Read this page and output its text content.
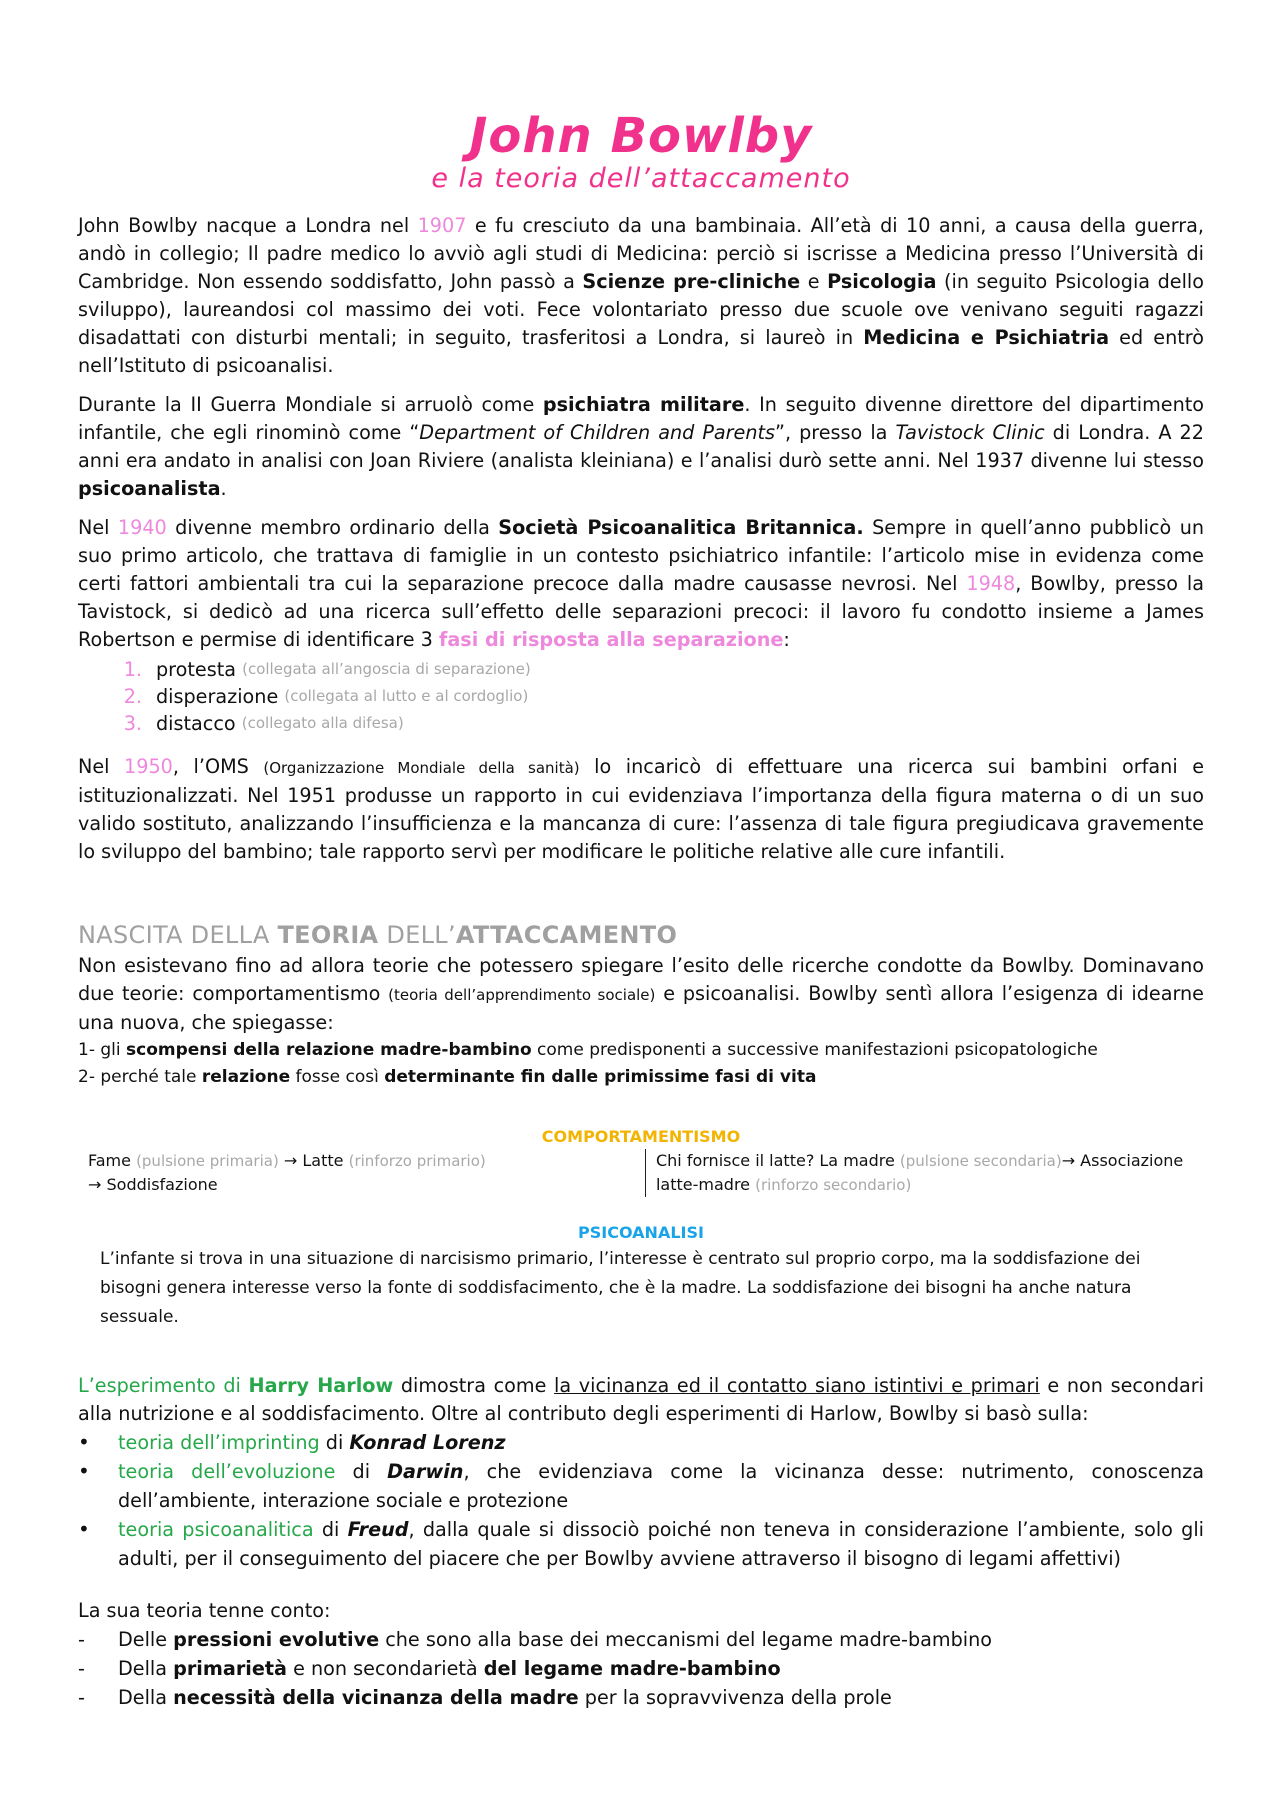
John Bowlby
e la teoria dell’attaccamento

John Bowlby nacque a Londra nel 1907 e fu cresciuto da una bambinaia. All’età di 10 anni, a causa della guerra, andò in collegio; Il padre medico lo avviò agli studi di Medicina: perciò si iscrisse a Medicina presso l’Università di Cambridge. Non essendo soddisfatto, John passò a Scienze pre-cliniche e Psicologia (in seguito Psicologia dello sviluppo), laureandosi col massimo dei voti. Fece volontariato presso due scuole ove venivano seguiti ragazzi disadattati con disturbi mentali; in seguito, trasferitosi a Londra, si laureò in Medicina e Psichiatria ed entrò nell’Istituto di psicoanalisi.

Durante la II Guerra Mondiale si arruolò come psichiatra militare. In seguito divenne direttore del dipartimento infantile, che egli rinominò come “Department of Children and Parents”, presso la Tavistock Clinic di Londra. A 22 anni era andato in analisi con Joan Riviere (analista kleiniana) e l’analisi durò sette anni. Nel 1937 divenne lui stesso psicoanalista.

Nel 1940 divenne membro ordinario della Società Psicoanalitica Britannica. Sempre in quell’anno pubblicò un suo primo articolo, che trattava di famiglie in un contesto psichiatrico infantile: l’articolo mise in evidenza come certi fattori ambientali tra cui la separazione precoce dalla madre causasse nevrosi. Nel 1948, Bowlby, presso la Tavistock, si dedicò ad una ricerca sull’effetto delle separazioni precoci: il lavoro fu condotto insieme a James Robertson e permise di identificare 3 fasi di risposta alla separazione:

1. protesta
(collegata all’angoscia di separazione)
2. disperazione
(collegata al lutto e al cordoglio)
3. distacco
(collegato alla difesa)

Nel 1950, l’OMS (Organizzazione Mondiale della sanità) lo incaricò di effettuare una ricerca sui bambini orfani e istituzionalizzati. Nel 1951 produsse un rapporto in cui evidenziava l’importanza della figura materna o di un suo valido sostituto, analizzando l’insufficienza e la mancanza di cure: l’assenza di tale figura pregiudicava gravemente lo sviluppo del bambino; tale rapporto servì per modificare le politiche relative alle cure infantili.

NASCITA DELLA TEORIA DELL’ATTACCAMENTO

Non esistevano fino ad allora teorie che potessero spiegare l’esito delle ricerche condotte da Bowlby. Dominavano due teorie: comportamentismo (teoria dell’apprendimento sociale) e psicoanalisi. Bowlby sentì allora l’esigenza di idearne una nuova, che spiegasse:

1- gli scompensi della relazione madre-bambino come predisponenti a successive manifestazioni psicopatologiche

2- perché tale relazione fosse così determinante fin dalle primissime fasi di vita

COMPORTAMENTISMO
Fame (pulsione primaria) → Latte (rinforzo primario)
→ Soddisfazione
Chi fornisce il latte? La madre (pulsione secondaria)→ Associazione latte-madre (rinforzo secondario)
PSICOANALISI

L’infante si trova in una situazione di narcisismo primario, l’interesse è centrato sul proprio corpo, ma la soddisfazione dei bisogni genera interesse verso la fonte di soddisfacimento, che è la madre. La soddisfazione dei bisogni ha anche natura sessuale.

L’esperimento di Harry Harlow dimostra come la vicinanza ed il contatto siano istintivi e primari e non secondari alla nutrizione e al soddisfacimento. Oltre al contributo degli esperimenti di Harlow, Bowlby si basò sulla:

• teoria dell’imprinting di Konrad Lorenz
• teoria dell’evoluzione di Darwin, che evidenziava come la vicinanza desse: nutrimento, conoscenza dell’ambiente, interazione sociale e protezione
• teoria psicoanalitica di Freud, dalla quale si dissociò poiché non teneva in considerazione l’ambiente, solo gli adulti, per il conseguimento del piacere che per Bowlby avviene attraverso il bisogno di legami affettivi)

La sua teoria tenne conto:

- Delle pressioni evolutive che sono alla base dei meccanismi del legame madre-bambino
- Della primarietà e non secondarietà del legame madre-bambino
- Della necessità della vicinanza della madre per la sopravvivenza della prole
